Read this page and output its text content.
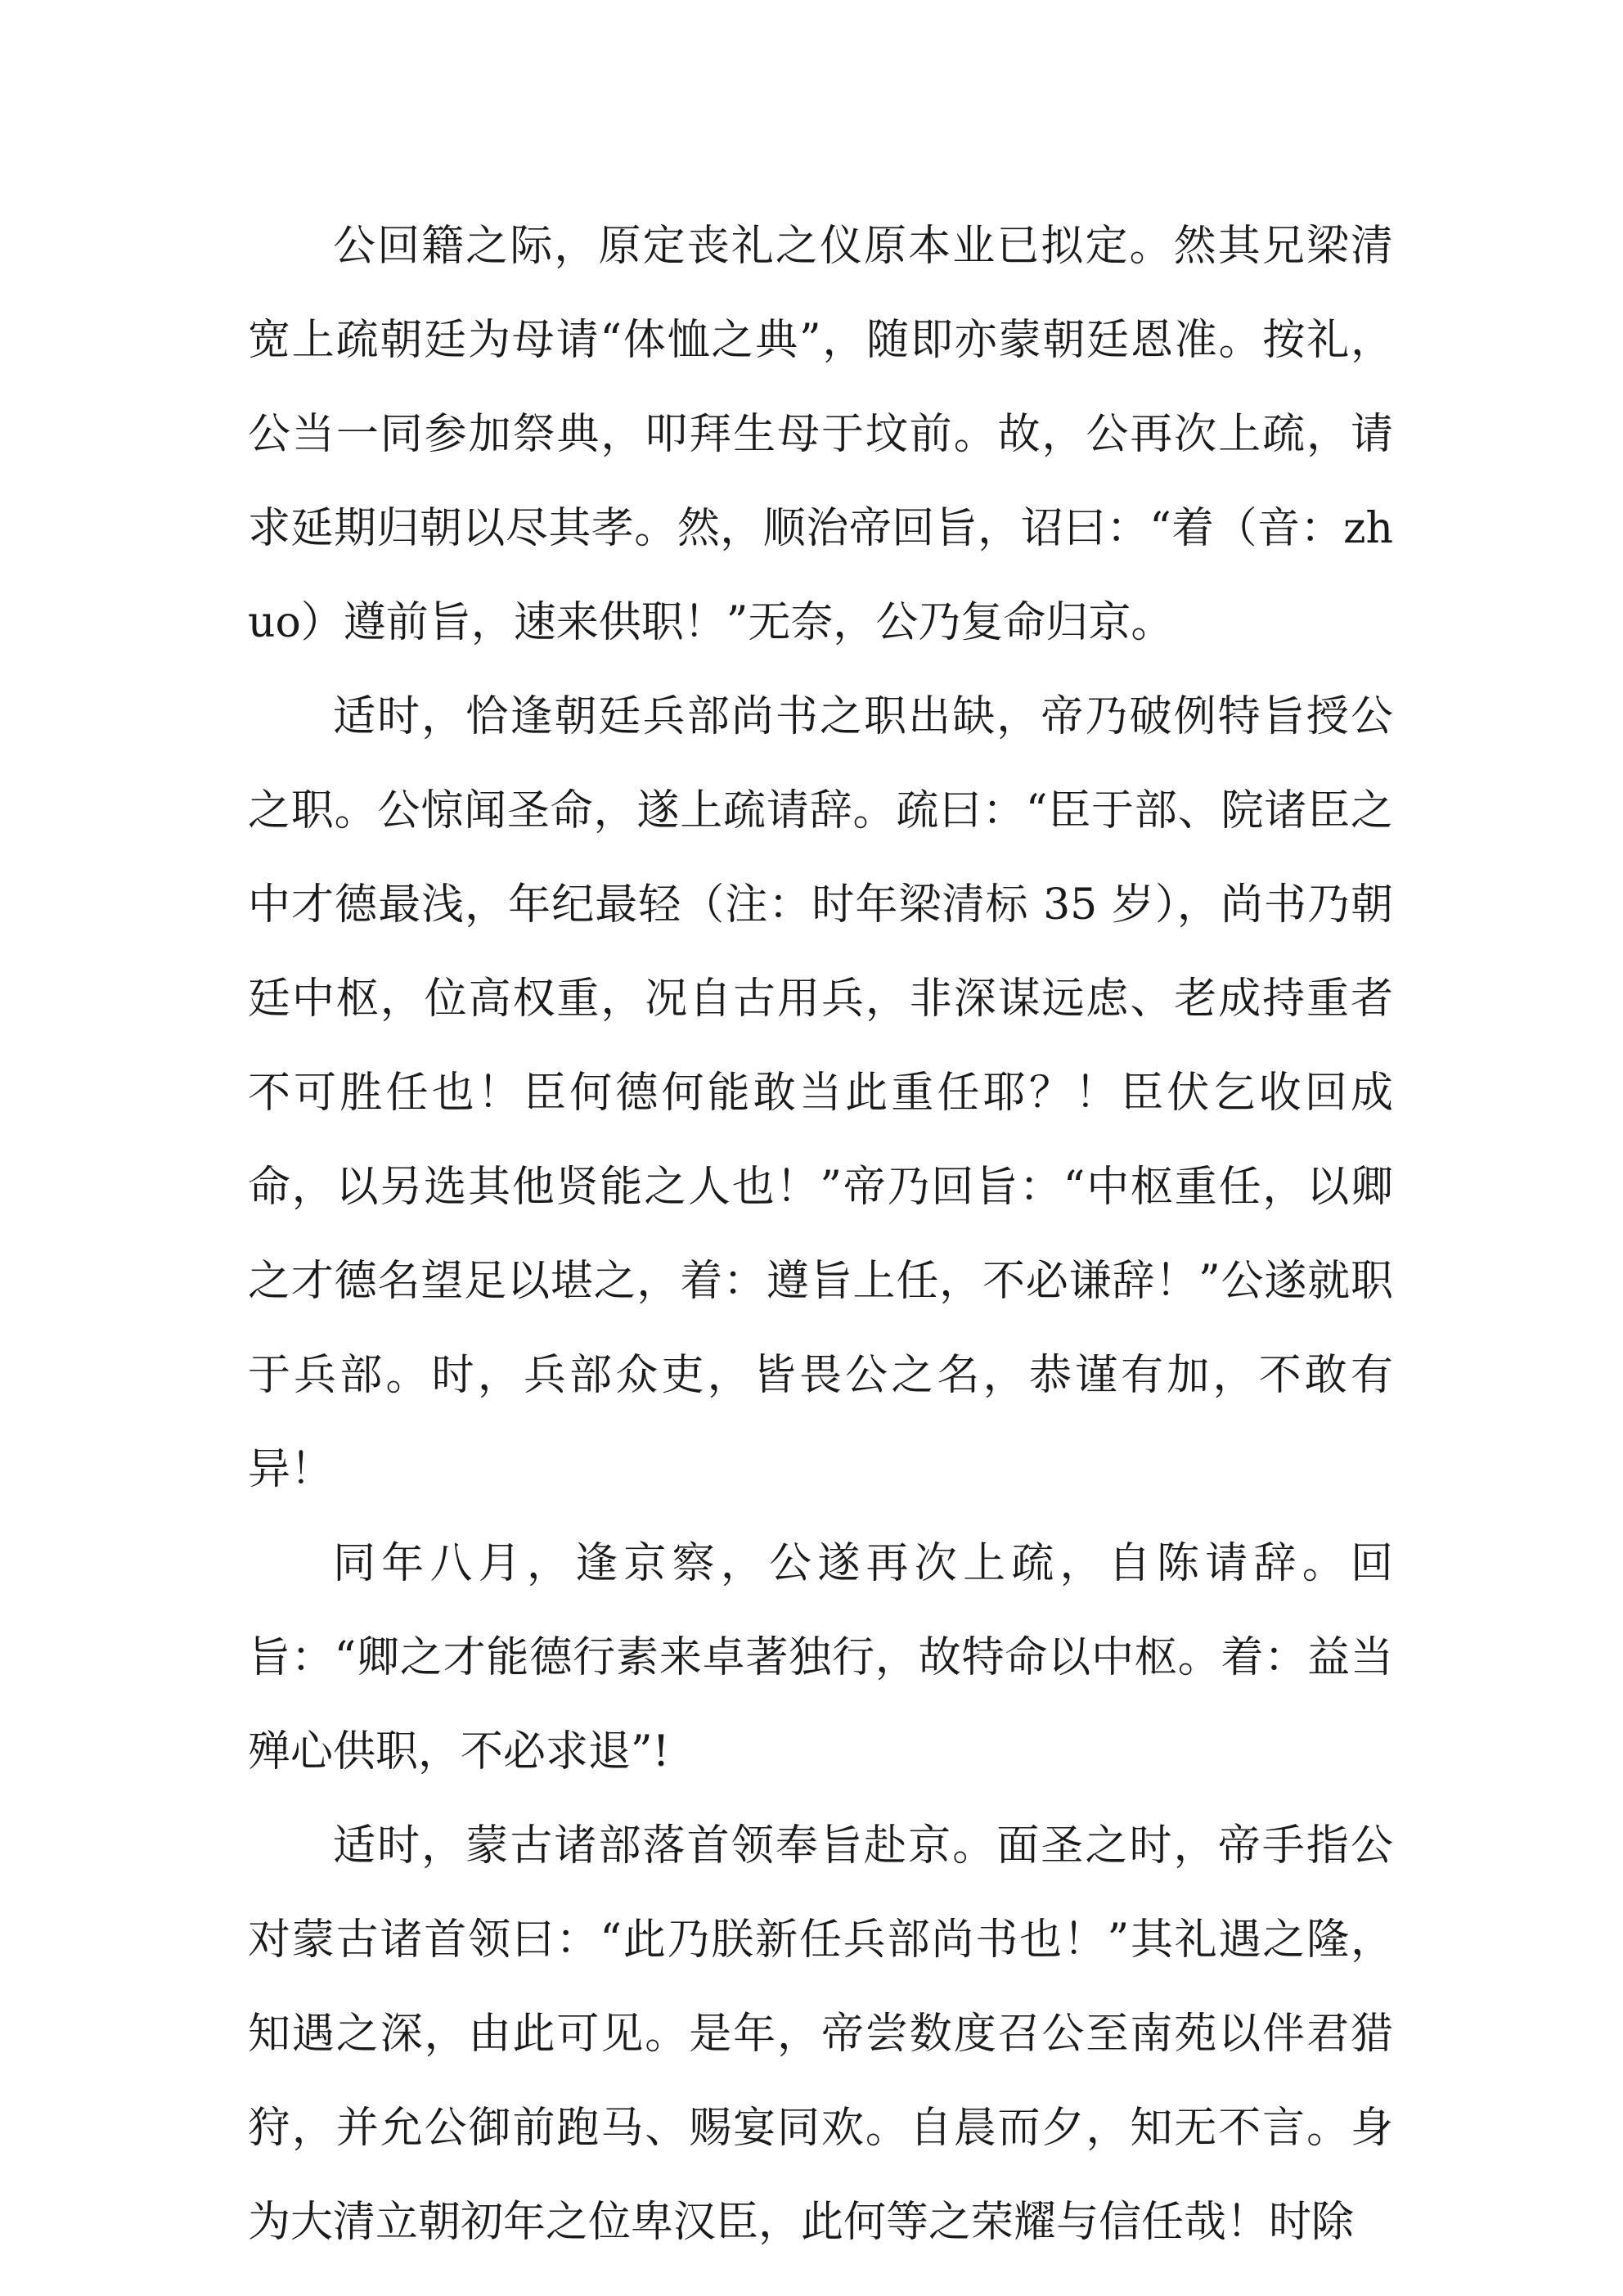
公回籍之际，原定丧礼之仪原本业已拟定。然其兄梁清宽上疏朝廷为母请“体恤之典”，随即亦蒙朝廷恩准。按礼，公当一同参加祭典，叩拜生母于坟前。故，公再次上疏，请求延期归朝以尽其孝。然，顺治帝回旨，诏曰：“着（音：zhuo）遵前旨，速来供职！”无奈，公乃复命归京。

适时，恰逢朝廷兵部尚书之职出缺，帝乃破例特旨授公之职。公惊闻圣命，遂上疏请辞。疏曰：“臣于部、院诸臣之中才德最浅，年纪最轻（注：时年梁清标 35 岁），尚书乃朝廷中枢，位高权重，况自古用兵，非深谋远虑、老成持重者不可胜任也！臣何德何能敢当此重任耶？！臣伏乞收回成命，以另选其他贤能之人也！”帝乃回旨：“中枢重任，以卿之才德名望足以堪之，着：遵旨上任，不必谦辞！”公遂就职于兵部。时，兵部众吏，皆畏公之名，恭谨有加，不敢有异！

同年八月，逢京察，公遂再次上疏，自陈请辞。回旨：“卿之才能德行素来卓著独行，故特命以中枢。着：益当殚心供职，不必求退”!

适时，蒙古诸部落首领奉旨赴京。面圣之时，帝手指公对蒙古诸首领曰：“此乃朕新任兵部尚书也！”其礼遇之隆，知遇之深，由此可见。是年，帝尝数度召公至南苑以伴君猎狩，并允公御前跑马、赐宴同欢。自晨而夕，知无不言。身为大清立朝初年之位卑汉臣，此何等之荣耀与信任哉！时除
